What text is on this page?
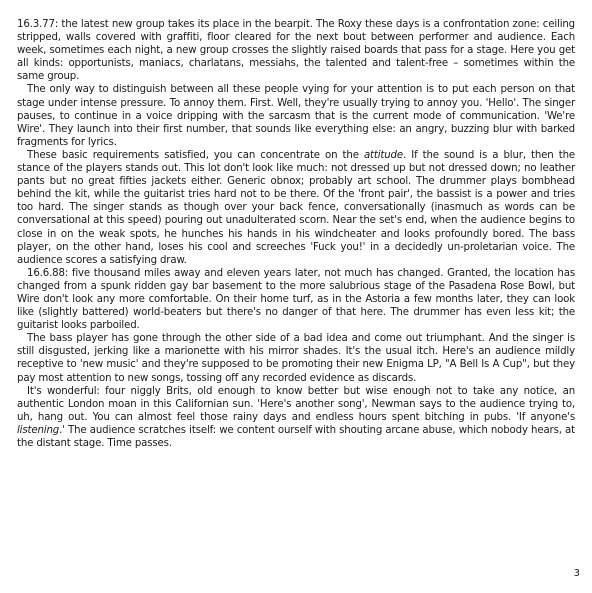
16.3.77: the latest new group takes its place in the bearpit. The Roxy these days is a confrontation zone: ceiling stripped, walls covered with graffiti, floor cleared for the next bout between performer and audience. Each week, sometimes each night, a new group crosses the slightly raised boards that pass for a stage. Here you get all kinds: opportunists, maniacs, charlatans, messiahs, the talented and talent-free – sometimes within the same group.

The only way to distinguish between all these people vying for your attention is to put each person on that stage under intense pressure. To annoy them. First. Well, they're usually trying to annoy you. 'Hello'. The singer pauses, to continue in a voice dripping with the sarcasm that is the current mode of communication. 'We're Wire'. They launch into their first number, that sounds like everything else: an angry, buzzing blur with barked fragments for lyrics.

These basic requirements satisfied, you can concentrate on the attitude. If the sound is a blur, then the stance of the players stands out. This lot don't look like much: not dressed up but not dressed down; no leather pants but no great fifties jackets either. Generic obnox; probably art school. The drummer plays bombhead behind the kit, while the guitarist tries hard not to be there. Of the 'front pair', the bassist is a power and tries too hard. The singer stands as though over your back fence, conversationally (inasmuch as words can be conversational at this speed) pouring out unadulterated scorn. Near the set's end, when the audience begins to close in on the weak spots, he hunches his hands in his windcheater and looks profoundly bored. The bass player, on the other hand, loses his cool and screeches 'Fuck you!' in a decidedly un-proletarian voice. The audience scores a satisfying draw.

16.6.88: five thousand miles away and eleven years later, not much has changed. Granted, the location has changed from a spunk ridden gay bar basement to the more salubrious stage of the Pasadena Rose Bowl, but Wire don't look any more comfortable. On their home turf, as in the Astoria a few months later, they can look like (slightly battered) world-beaters but there's no danger of that here. The drummer has even less kit; the guitarist looks parboiled.

The bass player has gone through the other side of a bad idea and come out triumphant. And the singer is still disgusted, jerking like a marionette with his mirror shades. It's the usual itch. Here's an audience mildly receptive to 'new music' and they're supposed to be promoting their new Enigma LP, "A Bell Is A Cup", but they pay most attention to new songs, tossing off any recorded evidence as discards.

It's wonderful: four niggly Brits, old enough to know better but wise enough not to take any notice, an authentic London moan in this Californian sun. 'Here's another song', Newman says to the audience trying to, uh, hang out. You can almost feel those rainy days and endless hours spent bitching in pubs. 'If anyone's listening.' The audience scratches itself: we content ourself with shouting arcane abuse, which nobody hears, at the distant stage. Time passes.

3
